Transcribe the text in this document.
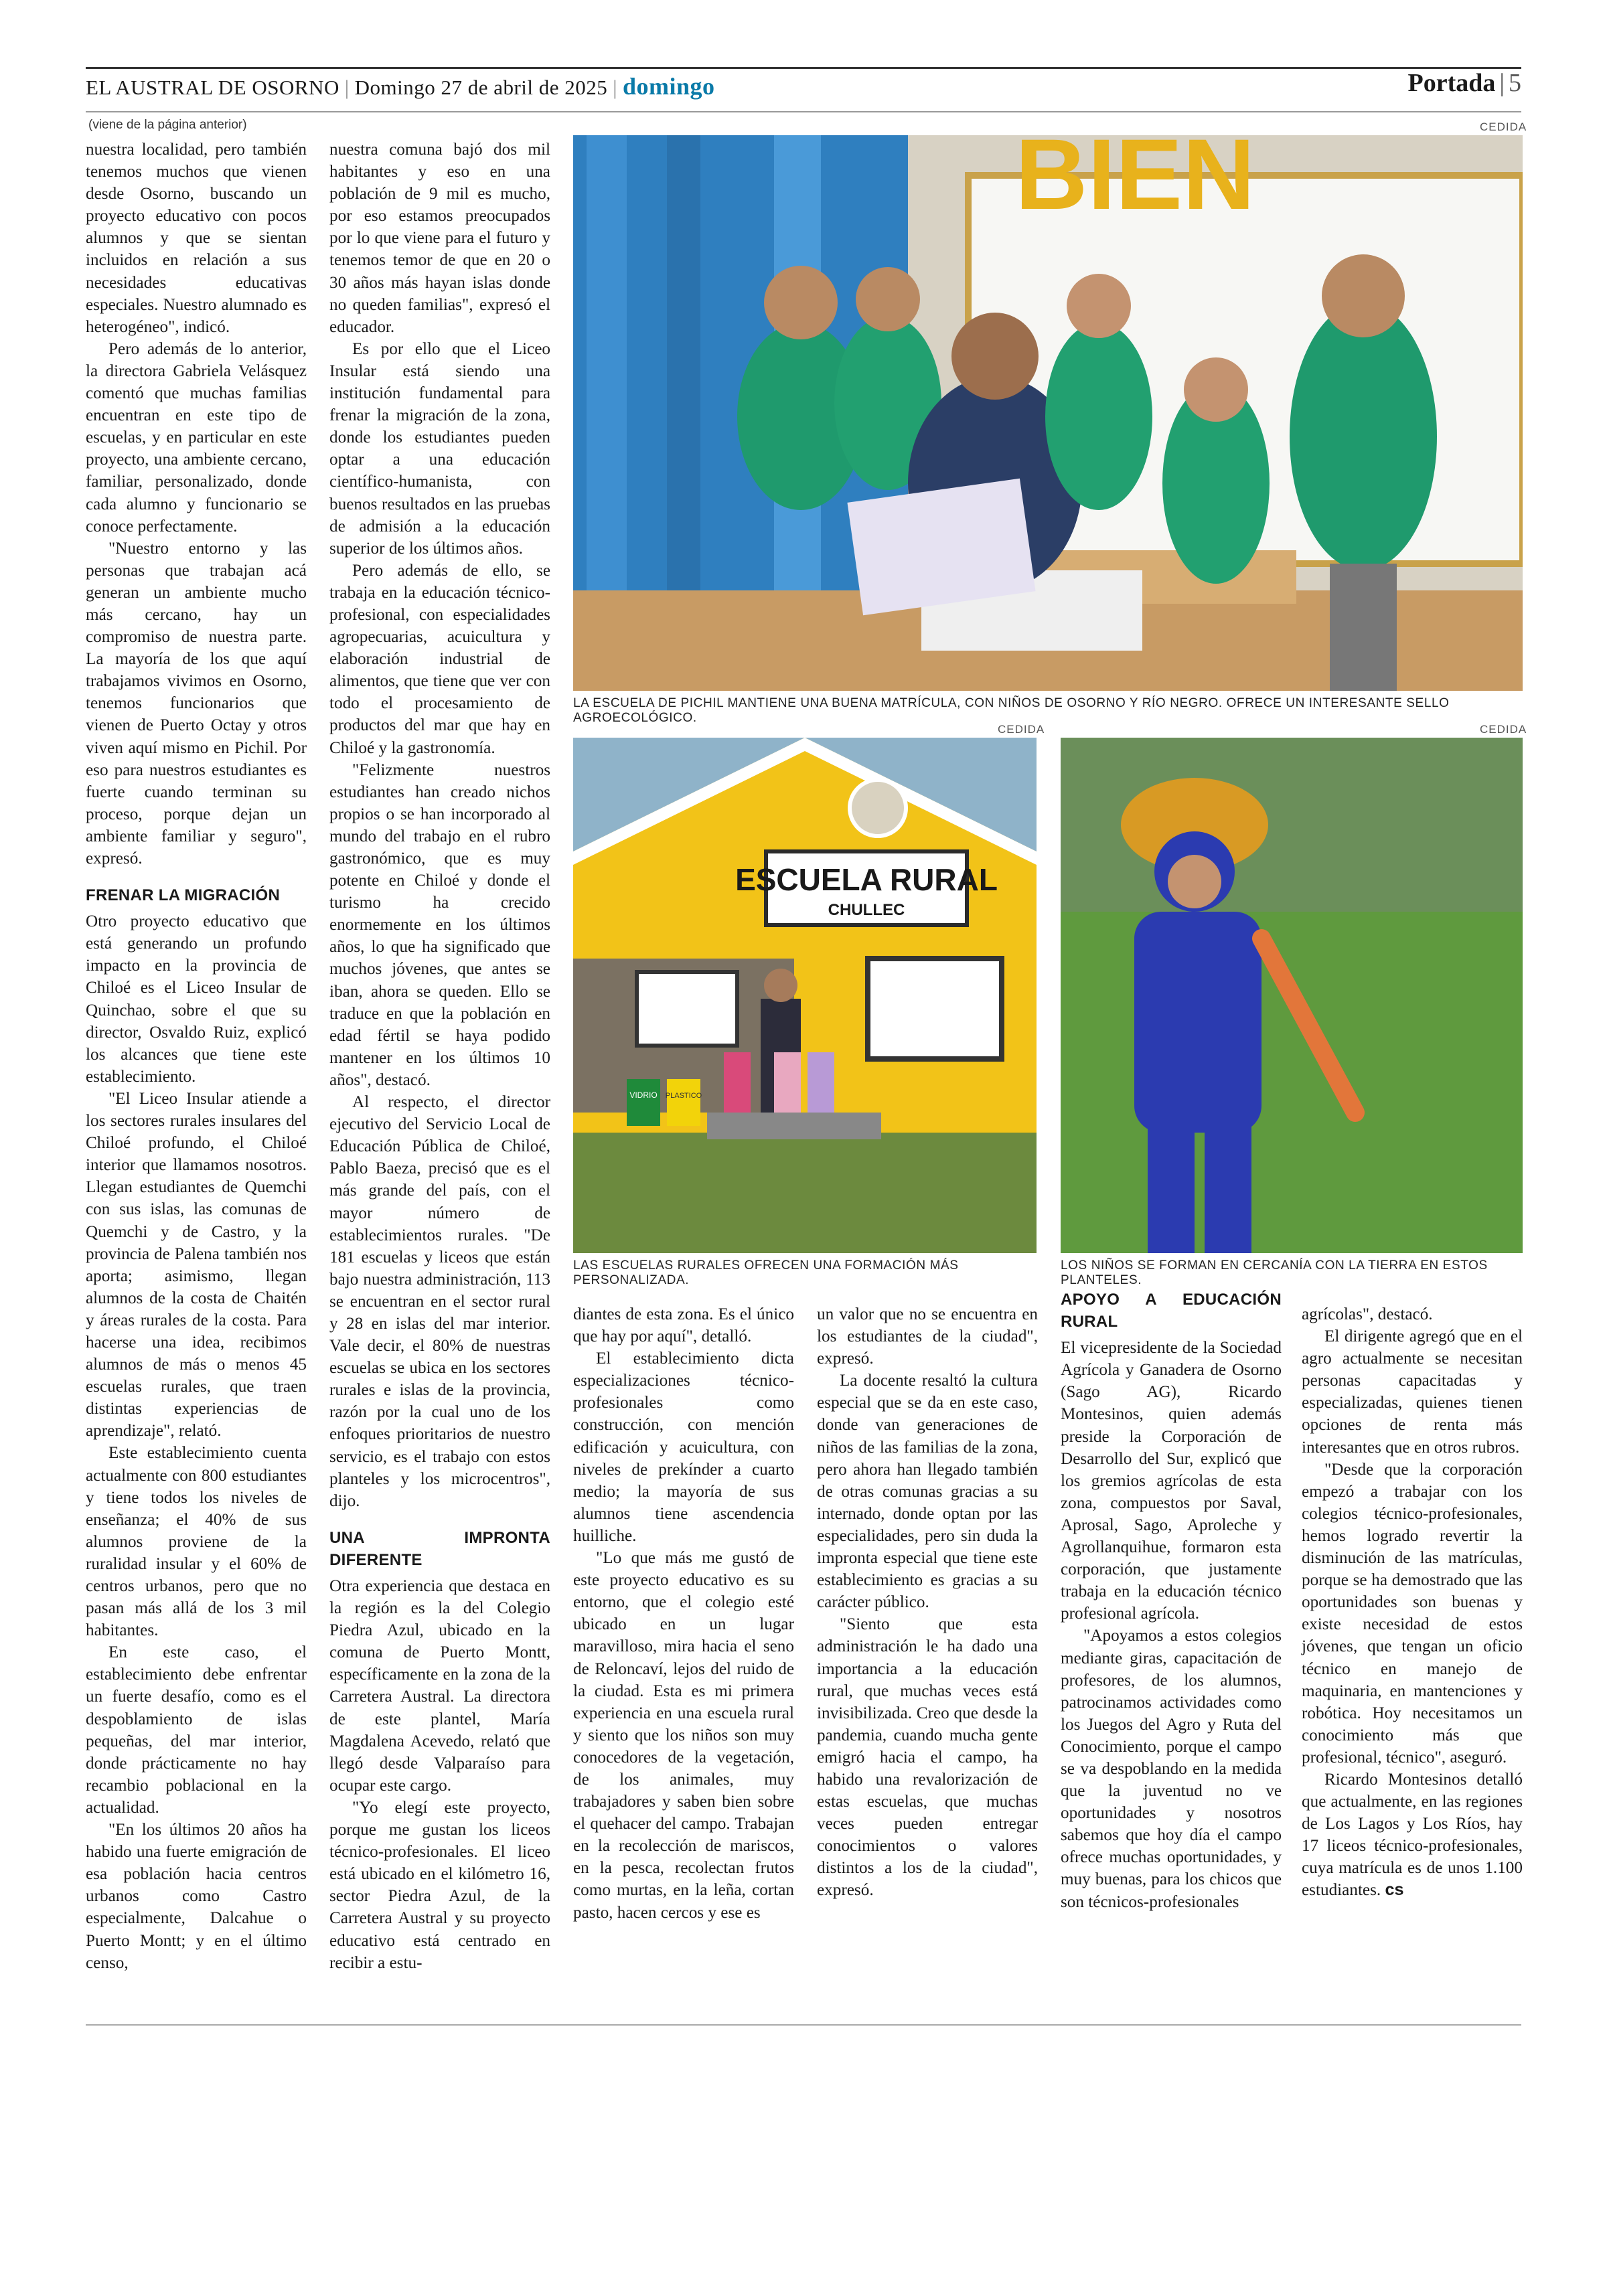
EL AUSTRAL DE OSORNO | Domingo 27 de abril de 2025 | domingo	Portada | 5
(viene de la página anterior)	CEDIDA
BIEN
LA ESCUELA DE PICHIL MANTIENE UNA BUENA MATRÍCULA, CON NIÑOS DE OSORNO Y RÍO NEGRO. OFRECE UN INTERESANTE SELLO AGROECOLÓGICO.
CEDIDA
ESCUELA RURAL
CHULLEC
VIDRIO PLASTICO
LAS ESCUELAS RURALES OFRECEN UNA FORMACIÓN MÁS PERSONALIZADA.
CEDIDA
LOS NIÑOS SE FORMAN EN CERCANÍA CON LA TIERRA EN ESTOS PLANTELES.

nuestra localidad, pero también tenemos muchos que vienen desde Osorno, buscando un proyecto educativo con pocos alumnos y que se sientan incluidos en relación a sus necesidades educativas especiales. Nuestro alumnado es heterogéneo", indicó.

Pero además de lo anterior, la directora Gabriela Velásquez comentó que muchas familias encuentran en este tipo de escuelas, y en particular en este proyecto, una ambiente cercano, familiar, personalizado, donde cada alumno y funcionario se conoce perfectamente.

"Nuestro entorno y las personas que trabajan acá generan un ambiente mucho más cercano, hay un compromiso de nuestra parte. La mayoría de los que aquí trabajamos vivimos en Osorno, tenemos funcionarios que vienen de Puerto Octay y otros viven aquí mismo en Pichil. Por eso para nuestros estudiantes es fuerte cuando terminan su proceso, porque dejan un ambiente familiar y seguro", expresó.

FRENAR LA MIGRACIÓN

Otro proyecto educativo que está generando un profundo impacto en la provincia de Chiloé es el Liceo Insular de Quinchao, sobre el que su director, Osvaldo Ruiz, explicó los alcances que tiene este establecimiento.

"El Liceo Insular atiende a los sectores rurales insulares del Chiloé profundo, el Chiloé interior que llamamos nosotros. Llegan estudiantes de Quemchi con sus islas, las comunas de Quemchi y de Castro, y la provincia de Palena también nos aporta; asimismo, llegan alumnos de la costa de Chaitén y áreas rurales de la costa. Para hacerse una idea, recibimos alumnos de más o menos 45 escuelas rurales, que traen distintas experiencias de aprendizaje", relató.

Este establecimiento cuenta actualmente con 800 estudiantes y tiene todos los niveles de enseñanza; el 40% de sus alumnos proviene de la ruralidad insular y el 60% de centros urbanos, pero que no pasan más allá de los 3 mil habitantes.

En este caso, el establecimiento debe enfrentar un fuerte desafío, como es el despoblamiento de islas pequeñas, del mar interior, donde prácticamente no hay recambio poblacional en la actualidad.

"En los últimos 20 años ha habido una fuerte emigración de esa población hacia centros urbanos como Castro especialmente, Dalcahue o Puerto Montt; y en el último censo,

nuestra comuna bajó dos mil habitantes y eso en una población de 9 mil es mucho, por eso estamos preocupados por lo que viene para el futuro y tenemos temor de que en 20 o 30 años más hayan islas donde no queden familias", expresó el educador.

Es por ello que el Liceo Insular está siendo una institución fundamental para frenar la migración de la zona, donde los estudiantes pueden optar a una educación científico-humanista, con buenos resultados en las pruebas de admisión a la educación superior de los últimos años.

Pero además de ello, se trabaja en la educación técnico-profesional, con especialidades agropecuarias, acuicultura y elaboración industrial de alimentos, que tiene que ver con todo el procesamiento de productos del mar que hay en Chiloé y la gastronomía.

"Felizmente nuestros estudiantes han creado nichos propios o se han incorporado al mundo del trabajo en el rubro gastronómico, que es muy potente en Chiloé y donde el turismo ha crecido enormemente en los últimos años, lo que ha significado que muchos jóvenes, que antes se iban, ahora se queden. Ello se traduce en que la población en edad fértil se haya podido mantener en los últimos 10 años", destacó.

Al respecto, el director ejecutivo del Servicio Local de Educación Pública de Chiloé, Pablo Baeza, precisó que es el más grande del país, con el mayor número de establecimientos rurales. "De 181 escuelas y liceos que están bajo nuestra administración, 113 se encuentran en el sector rural y 28 en islas del mar interior. Vale decir, el 80% de nuestras escuelas se ubica en los sectores rurales e islas de la provincia, razón por la cual uno de los enfoques prioritarios de nuestro servicio, es el trabajo con estos planteles y los microcentros", dijo.

UNA IMPRONTA DIFERENTE

Otra experiencia que destaca en la región es la del Colegio Piedra Azul, ubicado en la comuna de Puerto Montt, específicamente en la zona de la Carretera Austral. La directora de este plantel, María Magdalena Acevedo, relató que llegó desde Valparaíso para ocupar este cargo.

"Yo elegí este proyecto, porque me gustan los liceos técnico-profesionales. El liceo está ubicado en el kilómetro 16, sector Piedra Azul, de la Carretera Austral y su proyecto educativo está centrado en recibir a estu-

diantes de esta zona. Es el único que hay por aquí", detalló.

El establecimiento dicta especializaciones técnico-profesionales como construcción, con mención edificación y acuicultura, con niveles de prekínder a cuarto medio; la mayoría de sus alumnos tiene ascendencia huilliche.

"Lo que más me gustó de este proyecto educativo es su entorno, que el colegio esté ubicado en un lugar maravilloso, mira hacia el seno de Reloncaví, lejos del ruido de la ciudad. Esta es mi primera experiencia en una escuela rural y siento que los niños son muy conocedores de la vegetación, de los animales, muy trabajadores y saben bien sobre el quehacer del campo. Trabajan en la recolección de mariscos, en la pesca, recolectan frutos como murtas, en la leña, cortan pasto, hacen cercos y ese es

un valor que no se encuentra en los estudiantes de la ciudad", expresó.

La docente resaltó la cultura especial que se da en este caso, donde van generaciones de niños de las familias de la zona, pero ahora han llegado también de otras comunas gracias a su internado, donde optan por las especialidades, pero sin duda la impronta especial que tiene este establecimiento es gracias a su carácter público.

"Siento que esta administración le ha dado una importancia a la educación rural, que muchas veces está invisibilizada. Creo que desde la pandemia, cuando mucha gente emigró hacia el campo, ha habido una revalorización de estas escuelas, que muchas veces pueden entregar conocimientos o valores distintos a los de la ciudad", expresó.

APOYO A EDUCACIÓN RURAL

El vicepresidente de la Sociedad Agrícola y Ganadera de Osorno (Sago AG), Ricardo Montesinos, quien además preside la Corporación de Desarrollo del Sur, explicó que los gremios agrícolas de esta zona, compuestos por Saval, Aprosal, Sago, Aproleche y Agrollanquihue, formaron esta corporación, que justamente trabaja en la educación técnico profesional agrícola.

"Apoyamos a estos colegios mediante giras, capacitación de profesores, de los alumnos, patrocinamos actividades como los Juegos del Agro y Ruta del Conocimiento, porque el campo se va despoblando en la medida que la juventud no ve oportunidades y nosotros sabemos que hoy día el campo ofrece muchas oportunidades, y muy buenas, para los chicos que son técnicos-profesionales

agrícolas", destacó.

El dirigente agregó que en el agro actualmente se necesitan personas capacitadas y especializadas, quienes tienen opciones de renta más interesantes que en otros rubros.

"Desde que la corporación empezó a trabajar con los colegios técnico-profesionales, hemos logrado revertir la disminución de las matrículas, porque se ha demostrado que las oportunidades son buenas y existe necesidad de estos jóvenes, que tengan un oficio técnico en manejo de maquinaria, en mantenciones y robótica. Hoy necesitamos un conocimiento más que profesional, técnico", aseguró.

Ricardo Montesinos detalló que actualmente, en las regiones de Los Lagos y Los Ríos, hay 17 liceos técnico-profesionales, cuya matrícula es de unos 1.100 estudiantes. cs
